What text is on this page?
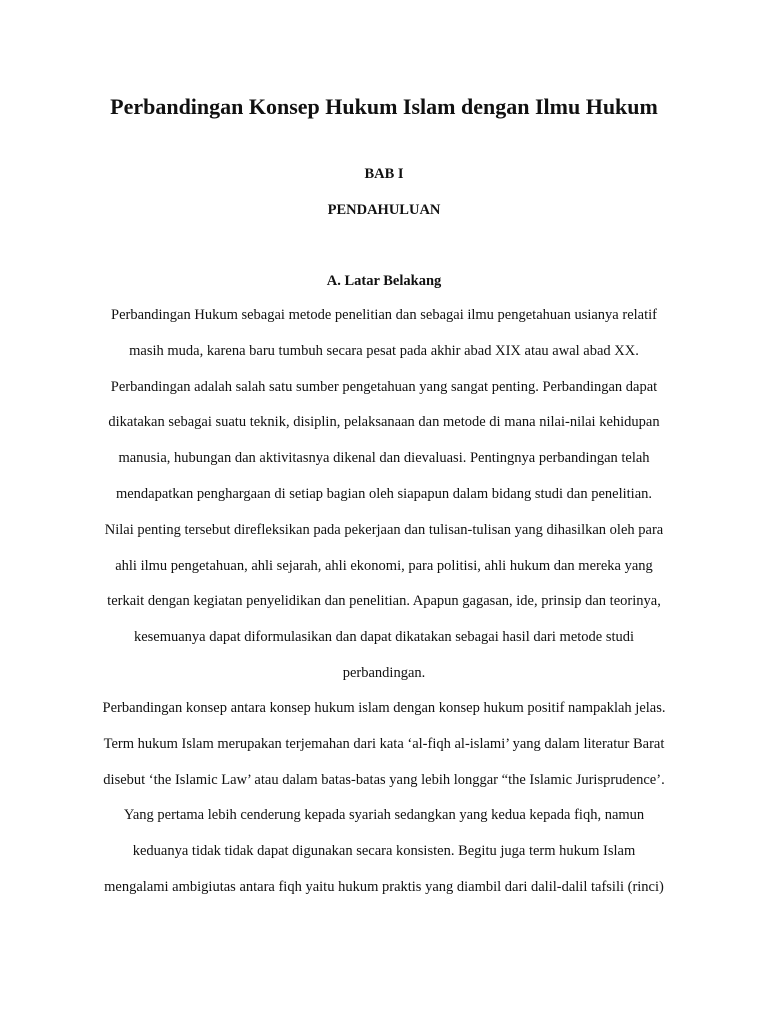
Perbandingan Konsep Hukum Islam dengan Ilmu Hukum

BAB I

PENDAHULUAN

A. Latar Belakang

Perbandingan Hukum sebagai metode penelitian dan sebagai ilmu pengetahuan usianya relatif
masih muda, karena baru tumbuh secara pesat pada akhir abad XIX atau awal abad XX.
Perbandingan adalah salah satu sumber pengetahuan yang sangat penting. Perbandingan dapat
dikatakan sebagai suatu teknik, disiplin, pelaksanaan dan metode di mana nilai-nilai kehidupan
manusia, hubungan dan aktivitasnya dikenal dan dievaluasi. Pentingnya perbandingan telah
mendapatkan penghargaan di setiap bagian oleh siapapun dalam bidang studi dan penelitian.
Nilai penting tersebut direfleksikan pada pekerjaan dan tulisan-tulisan yang dihasilkan oleh para
ahli ilmu pengetahuan, ahli sejarah, ahli ekonomi, para politisi, ahli hukum dan mereka yang
terkait dengan kegiatan penyelidikan dan penelitian. Apapun gagasan, ide, prinsip dan teorinya,
kesemuanya dapat diformulasikan dan dapat dikatakan sebagai hasil dari metode studi
perbandingan.
Perbandingan konsep antara konsep hukum islam dengan konsep hukum positif nampaklah jelas.
Term hukum Islam merupakan terjemahan dari kata ‘al-fiqh al-islami’ yang dalam literatur Barat
disebut ‘the Islamic Law’ atau dalam batas-batas yang lebih longgar “the Islamic Jurisprudence’.
Yang pertama lebih cenderung kepada syariah sedangkan yang kedua kepada fiqh, namun
keduanya tidak tidak dapat digunakan secara konsisten. Begitu juga term hukum Islam
mengalami ambigiutas antara fiqh yaitu hukum praktis yang diambil dari dalil-dalil tafsili (rinci)
